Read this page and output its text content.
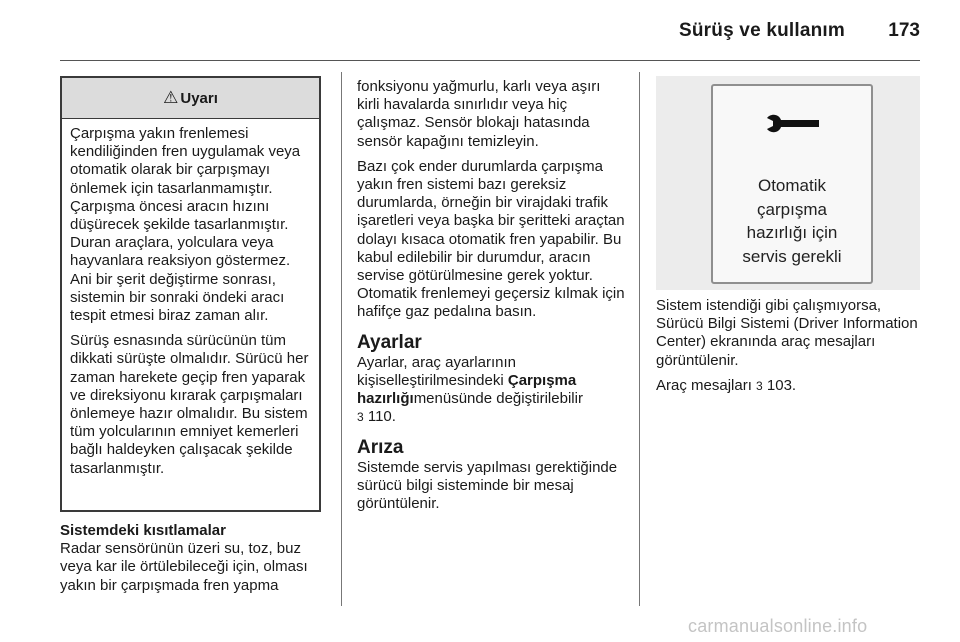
Sürüş ve kullanım	173
⚠ Uyarı

Çarpışma yakın frenlemesi kendiliğinden fren uygulamak veya otomatik olarak bir çarpışmayı önlemek için tasarlanmamıştır. Çarpışma öncesi aracın hızını düşürecek şekilde tasarlanmıştır. Duran araçlara, yolculara veya hayvanlara reaksiyon göstermez. Ani bir şerit değiştirme sonrası, sistemin bir sonraki öndeki aracı tespit etmesi biraz zaman alır.

Sürüş esnasında sürücünün tüm dikkati sürüşte olmalıdır. Sürücü her zaman harekete geçip fren yaparak ve direksiyonu kırarak çarpışmaları önlemeye hazır olmalıdır. Bu sistem tüm yolcularının emniyet kemerleri bağlı haldeyken çalışacak şekilde tasarlanmıştır.

Sistemdeki kısıtlamalar
Radar sensörünün üzeri su, toz, buz veya kar ile örtülebileceği için, olması yakın bir çarpışmada fren yapma

fonksiyonu yağmurlu, karlı veya aşırı kirli havalarda sınırlıdır veya hiç çalışmaz. Sensör blokajı hatasında sensör kapağını temizleyin.

Bazı çok ender durumlarda çarpışma yakın fren sistemi bazı gereksiz durumlarda, örneğin bir virajdaki trafik işaretleri veya başka bir şeritteki araçtan dolayı kısaca otomatik fren yapabilir. Bu kabul edilebilir bir durumdur, aracın servise götürülmesine gerek yoktur. Otomatik frenlemeyi geçersiz kılmak için hafifçe gaz pedalına basın.

Ayarlar

Ayarlar, araç ayarlarının kişiselleştirilmesindeki Çarpışma hazırlığımenüsünde değiştirilebilir
3 110.

Arıza

Sistemde servis yapılması gerektiğinde sürücü bilgi sisteminde bir mesaj görüntülenir.

Otomatik
çarpışma
hazırlığı için
servis gerekli

Sistem istendiği gibi çalışmıyorsa, Sürücü Bilgi Sistemi (Driver Information Center) ekranında araç mesajları görüntülenir.

Araç mesajları 3 103.

carmanualsonline.info
